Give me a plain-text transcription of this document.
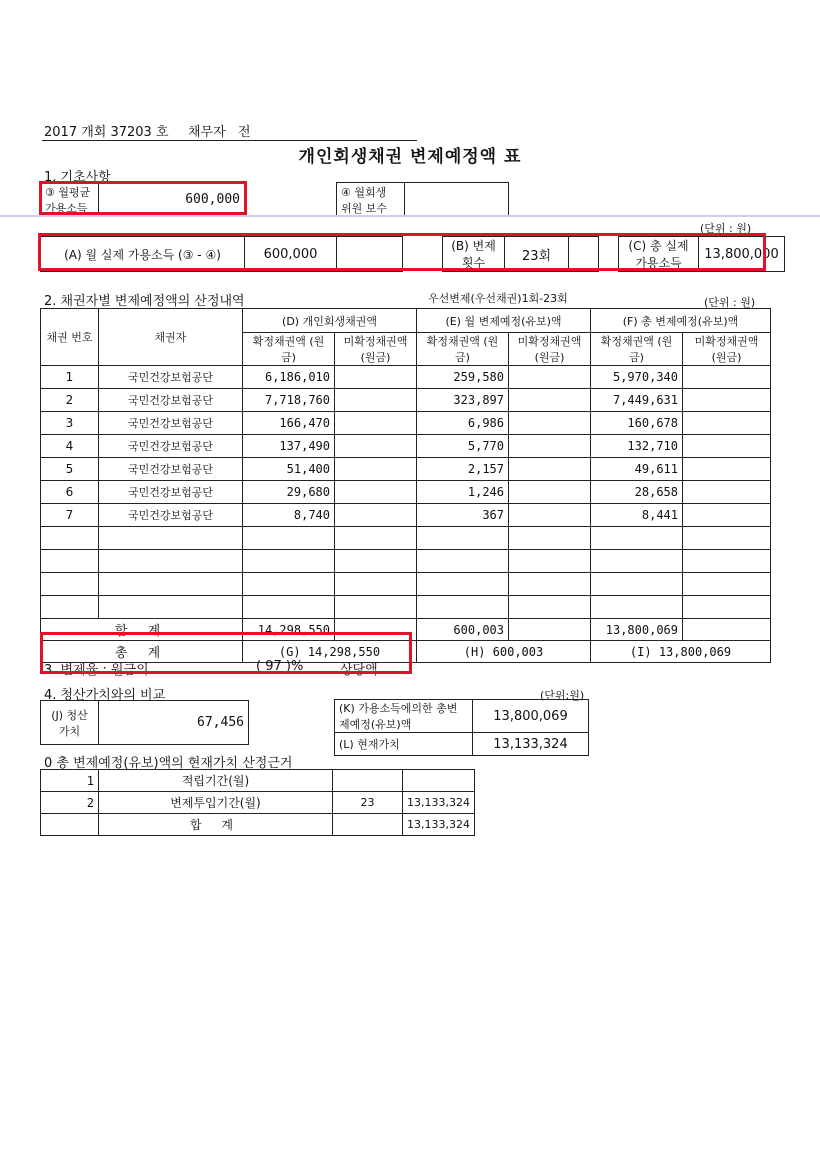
2017 개회 37203 호 채무자 전
개인회생채권 변제예정액 표
1. 기초사항
③ 월평균 가용소득	600,000	④ 월회생 위원 보수	
(단위 : 원)
(A) 월 실제 가용소득 (③ - ④)	600,000			(B) 변제 횟수	23회			(C) 총 실제 가용소득	13,800,000
2. 채권자별 변제예정액의 산정내역	우선변제(우선채권)1회-23회	(단위 : 원)
채권 번호	채권자	(D) 개인회생채권액		(E) 월 변제예정(유보)액		(F) 총 변제예정(유보)액	
		확정채권액 (원금)	미확정채권액 (원금)	확정채권액 (원금)	미확정채권액 (원금)	확정채권액 (원금)	미확정채권액 (원금)
1	국민건강보험공단	6,186,010		259,580		5,970,340	
2	국민건강보험공단	7,718,760		323,897		7,449,631	
3	국민건강보험공단	166,470		6,986		160,678	
4	국민건강보험공단	137,490		5,770		132,710	
5	국민건강보험공단	51,400		2,157		49,611	
6	국민건강보험공단	29,680		1,246		28,658	
7	국민건강보험공단	8,740		367		8,441	

합 계		14,298,550		600,003		13,800,069	
총 계		(G) 14,298,550		(H) 600,003		(I) 13,800,069	
3. 변제율 : 원금의	( 97 )%	상당액
4. 청산가치와의 비교	(단위:원)
(J) 청산 가치	67,456
(K) 가용소득에의한 총변제예정(유보)액	13,800,069
(L) 현재가치	13,133,324
0 총 변제예정(유보)액의 현재가치 산정근거
1	적립기간(월)		
2	변제투입기간(월)	23	13,133,324
	합 계		13,133,324
